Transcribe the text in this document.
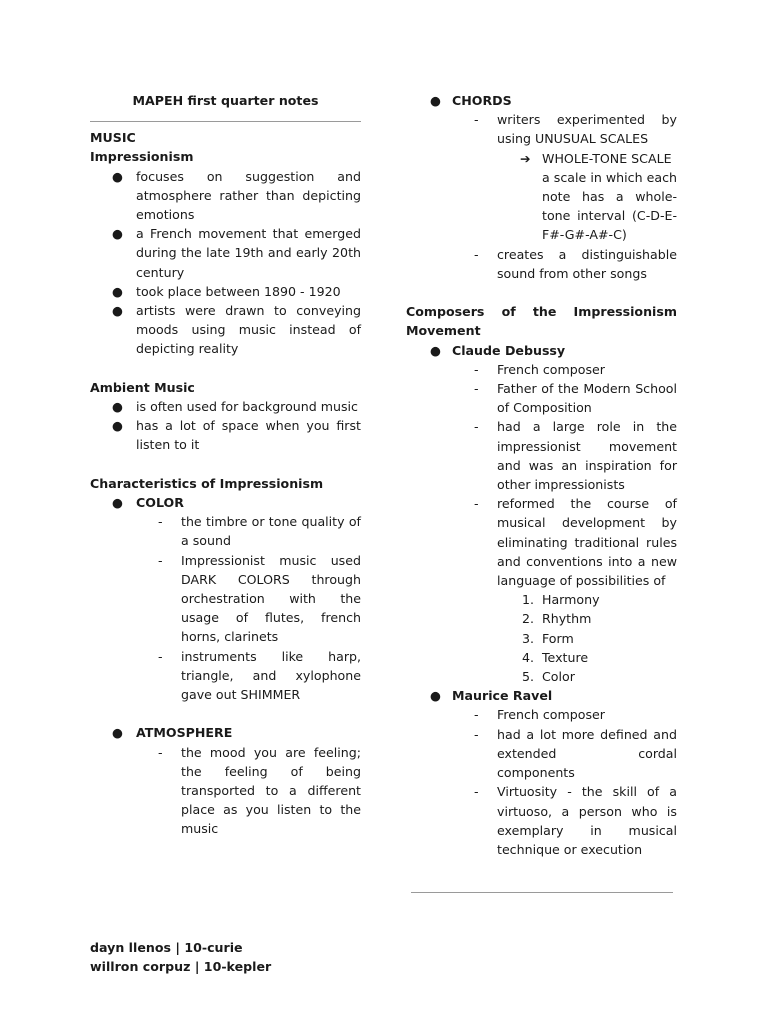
MAPEH first quarter notes
MUSIC
Impressionism
● focuses on suggestion and atmosphere rather than depicting emotions
● a French movement that emerged during the late 19th and early 20th century
● took place between 1890 - 1920
● artists were drawn to conveying moods using music instead of depicting reality
Ambient Music
● is often used for background music
● has a lot of space when you first listen to it
Characteristics of Impressionism
● COLOR
- the timbre or tone quality of a sound
- Impressionist music used DARK COLORS through orchestration with the usage of flutes, french horns, clarinets
- instruments like harp, triangle, and xylophone gave out SHIMMER
● ATMOSPHERE
- the mood you are feeling; the feeling of being transported to a different place as you listen to the music
● CHORDS
- writers experimented by using UNUSUAL SCALES
➔ WHOLE-TONE SCALE
a scale in which each note has a whole-tone interval (C-D-E-F#-G#-A#-C)
- creates a distinguishable sound from other songs
Composers of the Impressionism Movement
● Claude Debussy
- French composer
- Father of the Modern School of Composition
- had a large role in the impressionist movement and was an inspiration for other impressionists
- reformed the course of musical development by eliminating traditional rules and conventions into a new language of possibilities of
1. Harmony
2. Rhythm
3. Form
4. Texture
5. Color
● Maurice Ravel
- French composer
- had a lot more defined and extended cordal components
- Virtuosity - the skill of a virtuoso, a person who is exemplary in musical technique or execution
dayn llenos | 10-curie
willron corpuz | 10-kepler
